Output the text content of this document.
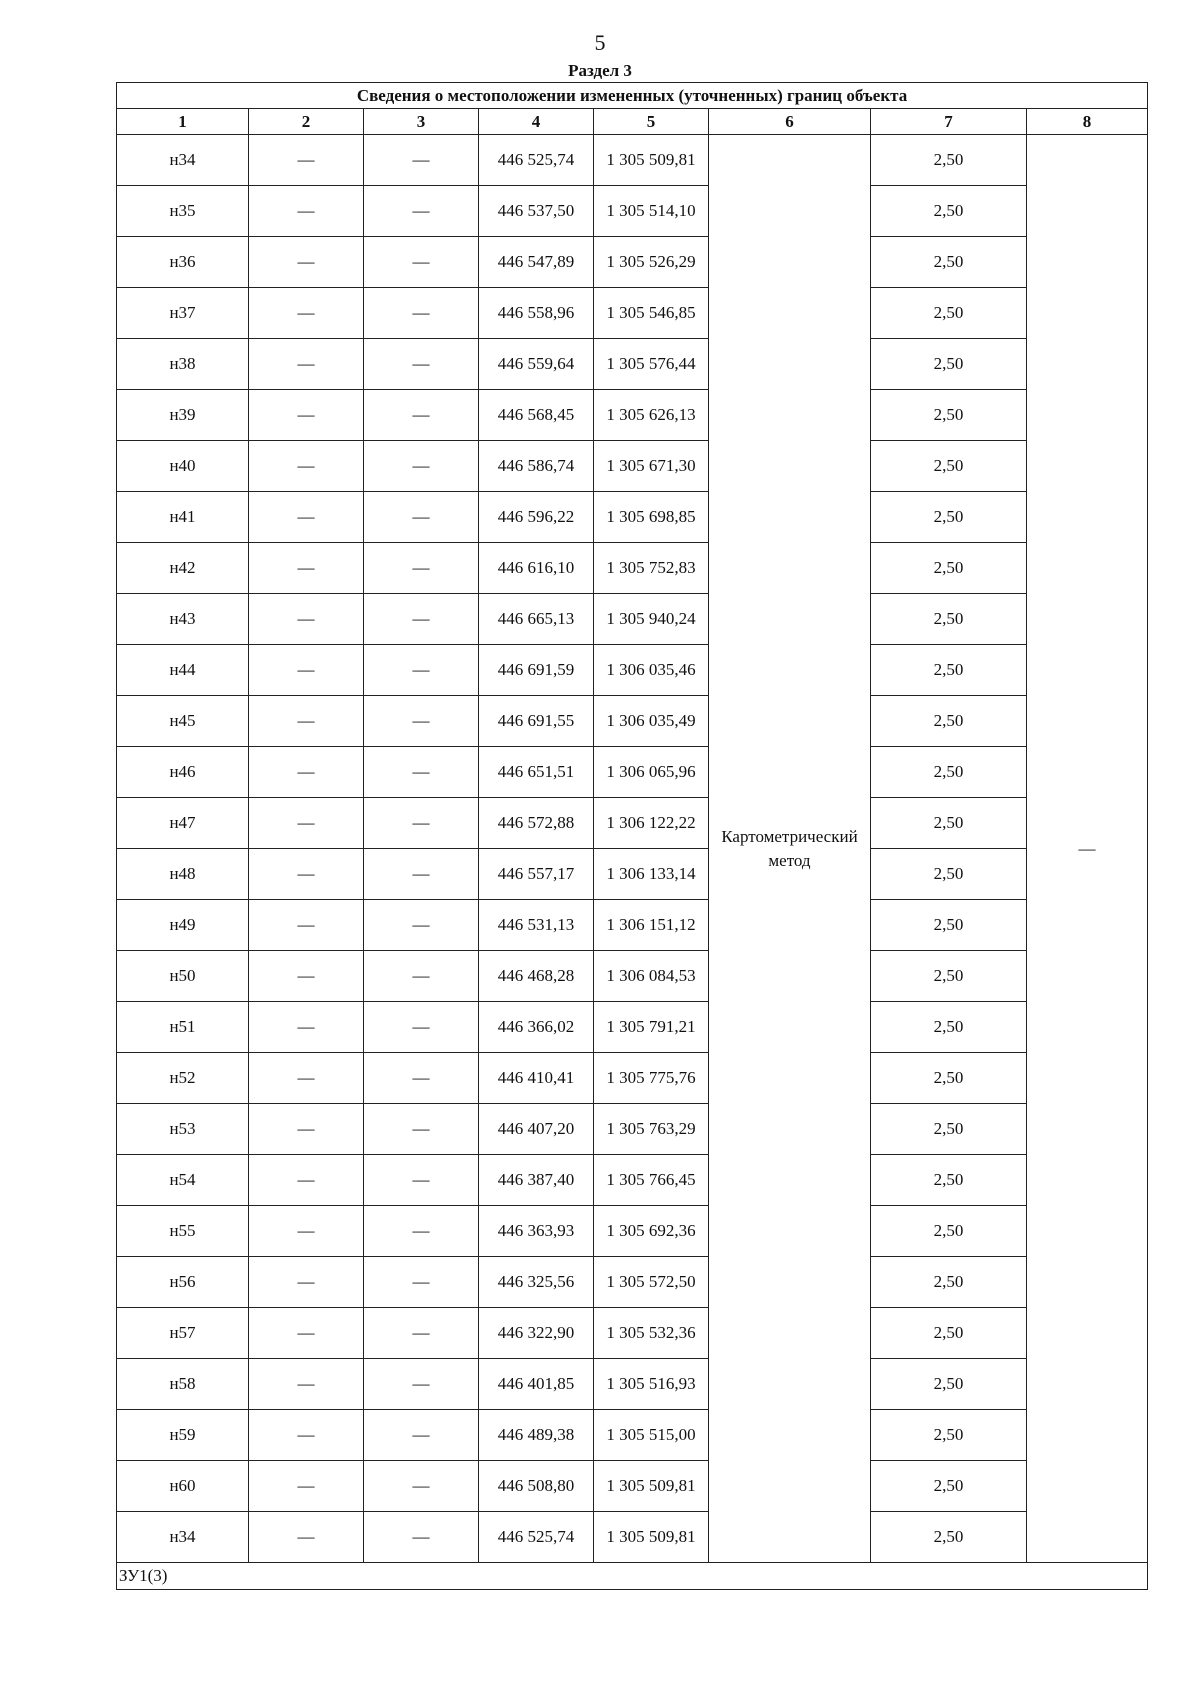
5
Раздел 3
Сведения о местоположении измененных (уточненных) границ объекта							
1	2	3	4	5	6	7	8
н34	—	—	446 525,74	1 305 509,81	Картометрический метод	2,50	—
н35	—	—	446 537,50	1 305 514,10		2,50	
н36	—	—	446 547,89	1 305 526,29		2,50	
н37	—	—	446 558,96	1 305 546,85		2,50	
н38	—	—	446 559,64	1 305 576,44		2,50	
н39	—	—	446 568,45	1 305 626,13		2,50	
н40	—	—	446 586,74	1 305 671,30		2,50	
н41	—	—	446 596,22	1 305 698,85		2,50	
н42	—	—	446 616,10	1 305 752,83		2,50	
н43	—	—	446 665,13	1 305 940,24		2,50	
н44	—	—	446 691,59	1 306 035,46		2,50	
н45	—	—	446 691,55	1 306 035,49		2,50	
н46	—	—	446 651,51	1 306 065,96		2,50	
н47	—	—	446 572,88	1 306 122,22		2,50	
н48	—	—	446 557,17	1 306 133,14		2,50	
н49	—	—	446 531,13	1 306 151,12		2,50	
н50	—	—	446 468,28	1 306 084,53		2,50	
н51	—	—	446 366,02	1 305 791,21		2,50	
н52	—	—	446 410,41	1 305 775,76		2,50	
н53	—	—	446 407,20	1 305 763,29		2,50	
н54	—	—	446 387,40	1 305 766,45		2,50	
н55	—	—	446 363,93	1 305 692,36		2,50	
н56	—	—	446 325,56	1 305 572,50		2,50	
н57	—	—	446 322,90	1 305 532,36		2,50	
н58	—	—	446 401,85	1 305 516,93		2,50	
н59	—	—	446 489,38	1 305 515,00		2,50	
н60	—	—	446 508,80	1 305 509,81		2,50	
н34	—	—	446 525,74	1 305 509,81		2,50	
ЗУ1(3)							
